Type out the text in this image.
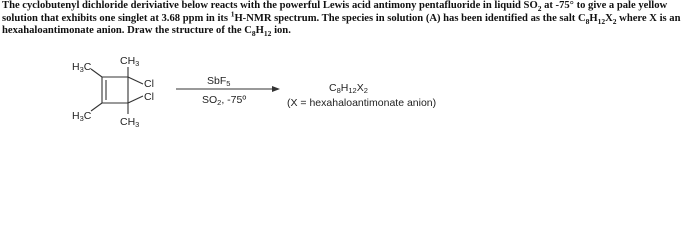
The cyclobutenyl dichloride deriviative below reacts with the powerful Lewis acid antimony pentafluoride in liquid $SO_2$ at -75° to give a pale yellow solution that exhibits one singlet at 3.68 ppm in its $^1$H-NMR spectrum. The species in solution (A) has been identified as the salt $C_8H_{12}X_2$ where X is an hexahaloantimonate anion. Draw the structure of the $C_8H_{12}$ ion.

$H_3C$	$CH_3$
Cl
Cl
$H_3C$	$CH_3$
SbF$_5$
$SO_2$, -75º
$C_8H_{12}X_2$
(X = hexahaloantimonate anion)
